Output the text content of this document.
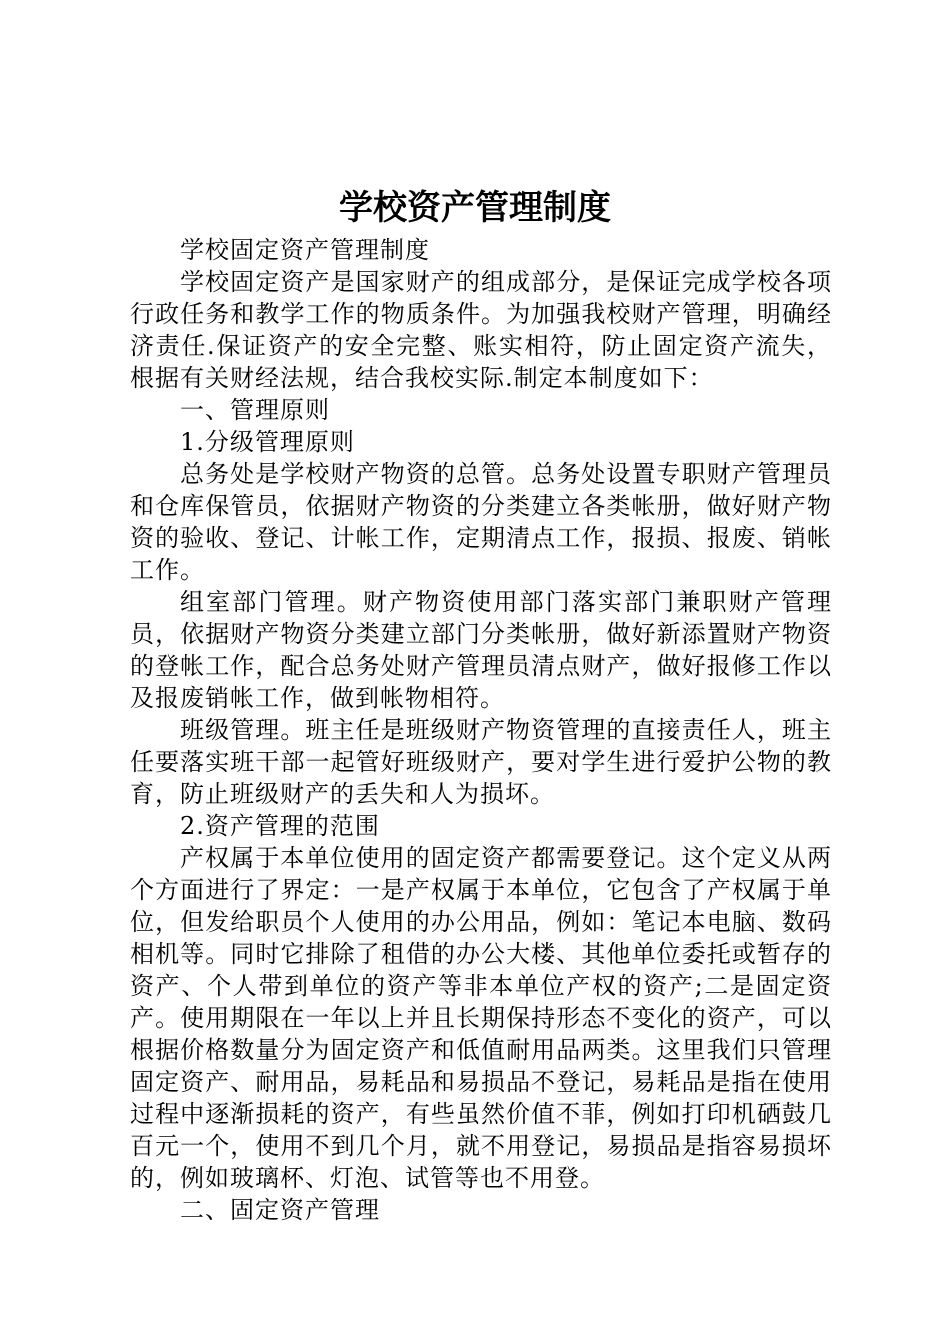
学校资产管理制度

学校固定资产管理制度

学校固定资产是国家财产的组成部分，是保证完成学校各项行政任务和教学工作的物质条件。为加强我校财产管理，明确经济责任.保证资产的安全完整、账实相符，防止固定资产流失，根据有关财经法规，结合我校实际.制定本制度如下：

一、管理原则

1.分级管理原则

总务处是学校财产物资的总管。总务处设置专职财产管理员和仓库保管员，依据财产物资的分类建立各类帐册，做好财产物资的验收、登记、计帐工作，定期清点工作，报损、报废、销帐工作。

组室部门管理。财产物资使用部门落实部门兼职财产管理员，依据财产物资分类建立部门分类帐册，做好新添置财产物资的登帐工作，配合总务处财产管理员清点财产，做好报修工作以及报废销帐工作，做到帐物相符。

班级管理。班主任是班级财产物资管理的直接责任人，班主任要落实班干部一起管好班级财产，要对学生进行爱护公物的教育，防止班级财产的丢失和人为损坏。

2.资产管理的范围

产权属于本单位使用的固定资产都需要登记。这个定义从两个方面进行了界定：一是产权属于本单位，它包含了产权属于单位，但发给职员个人使用的办公用品，例如：笔记本电脑、数码相机等。同时它排除了租借的办公大楼、其他单位委托或暂存的资产、个人带到单位的资产等非本单位产权的资产;二是固定资产。使用期限在一年以上并且长期保持形态不变化的资产，可以根据价格数量分为固定资产和低值耐用品两类。这里我们只管理固定资产、耐用品，易耗品和易损品不登记，易耗品是指在使用过程中逐渐损耗的资产，有些虽然价值不菲，例如打印机硒鼓几百元一个，使用不到几个月，就不用登记，易损品是指容易损坏的，例如玻璃杯、灯泡、试管等也不用登。

二、固定资产管理
